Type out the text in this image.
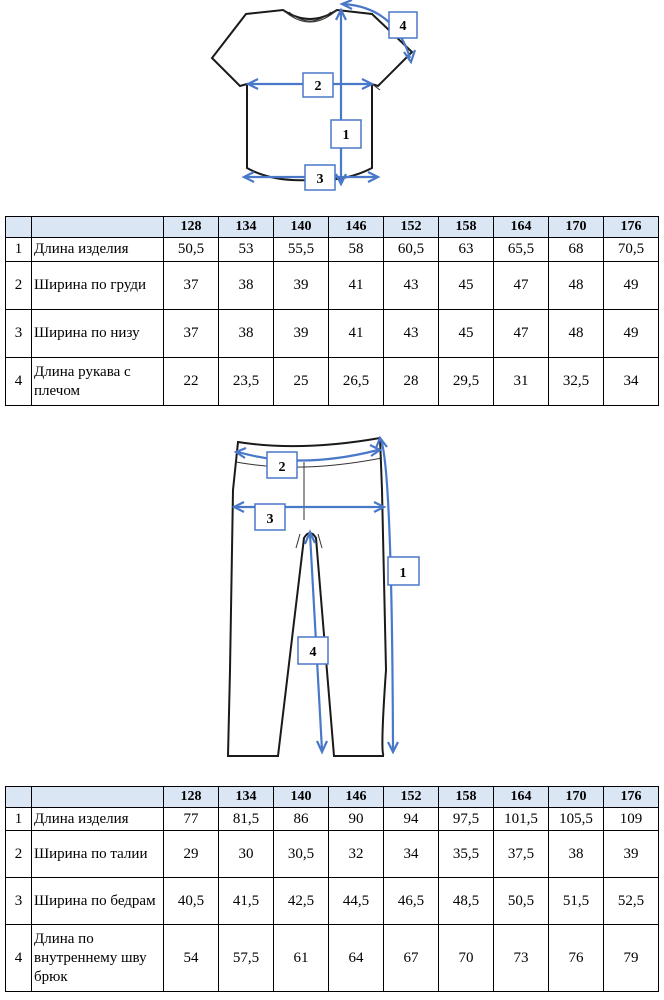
1
2
3
4
		128	134	140	146	152	158	164	170	176
1	Длина изделия	50,5	53	55,5	58	60,5	63	65,5	68	70,5
2	Ширина по груди	37	38	39	41	43	45	47	48	49
3	Ширина по низу	37	38	39	41	43	45	47	48	49
4	Длина рукава с плечом	22	23,5	25	26,5	28	29,5	31	32,5	34
1
2
3
4
		128	134	140	146	152	158	164	170	176
1	Длина изделия	77	81,5	86	90	94	97,5	101,5	105,5	109
2	Ширина по талии	29	30	30,5	32	34	35,5	37,5	38	39
3	Ширина по бедрам	40,5	41,5	42,5	44,5	46,5	48,5	50,5	51,5	52,5
4	Длина по внутреннему шву брюк	54	57,5	61	64	67	70	73	76	79
